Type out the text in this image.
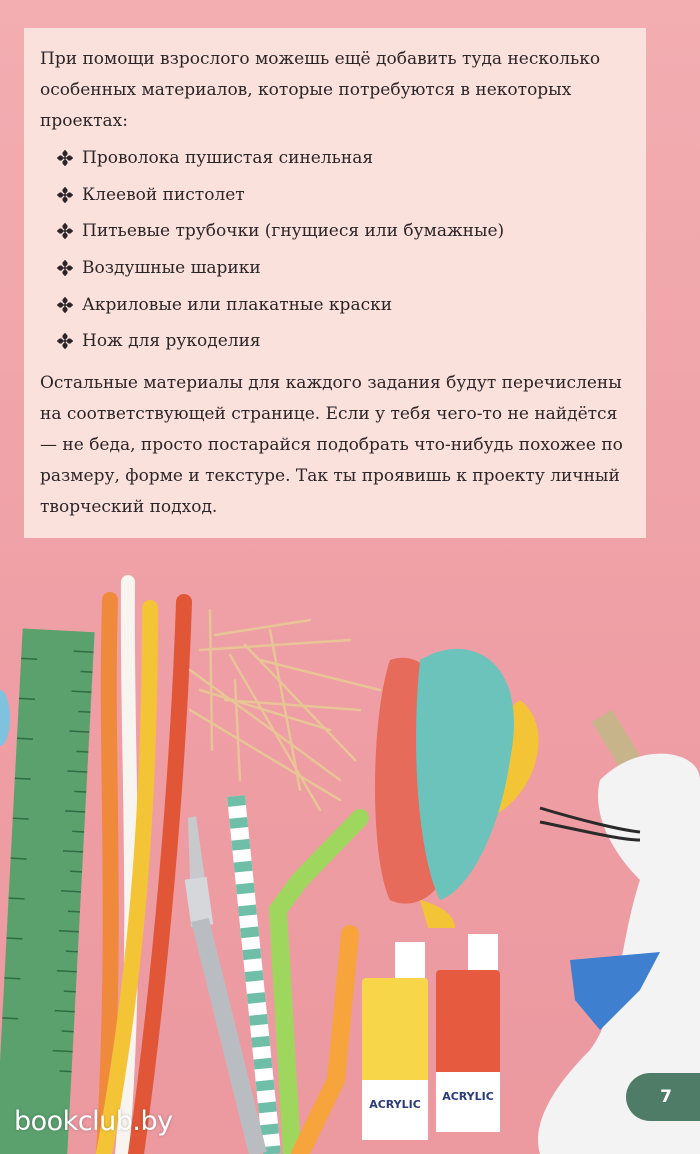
При помощи взрослого можешь ещё добавить туда несколько особенных материалов, которые потребуются в некоторых проектах:
Проволока пушистая синельная
Клеевой пистолет
Питьевые трубочки (гнущиеся или бумажные)
Воздушные шарики
Акриловые или плакатные краски
Нож для рукоделия
Остальные материалы для каждого задания будут перечислены на соответствующей странице. Если у тебя чего-то не найдётся — не беда, просто постарайся подобрать что-нибудь похожее по размеру, форме и текстуре. Так ты проявишь к проекту личный творческий подход.
ACRYLIC
ACRYLIC	7
bookclub.by
